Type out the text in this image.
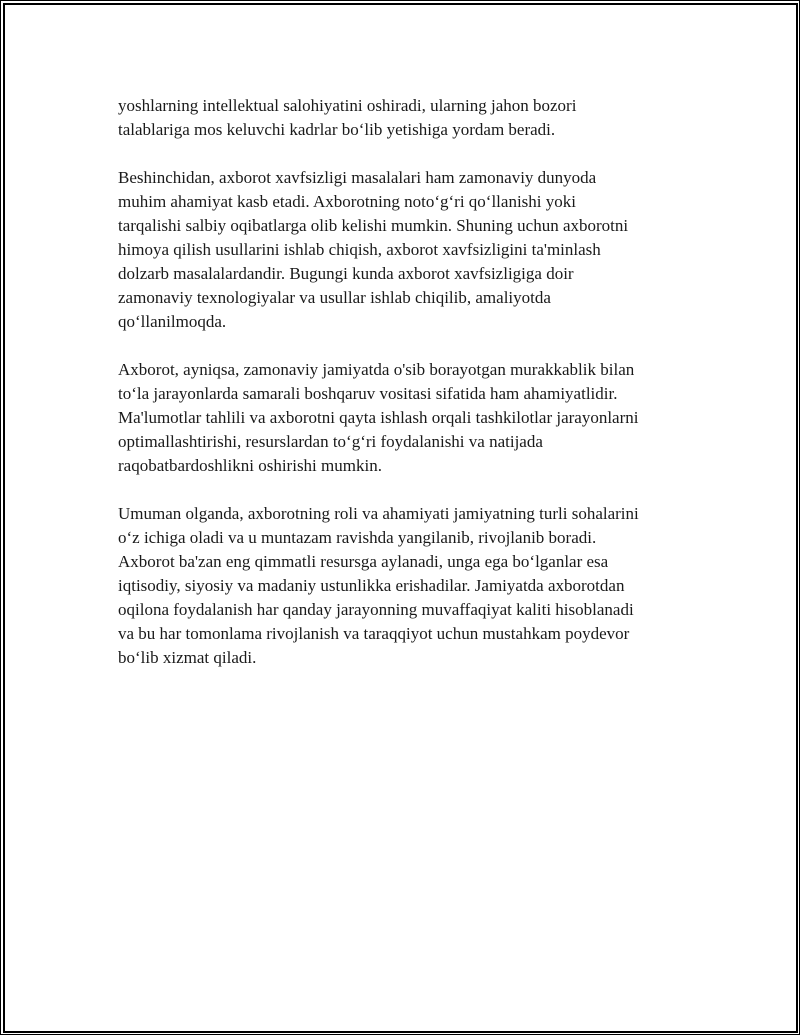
yoshlarning intellektual salohiyatini oshiradi, ularning jahon bozori
talablariga mos keluvchi kadrlar bo‘lib yetishiga yordam beradi.

Beshinchidan, axborot xavfsizligi masalalari ham zamonaviy dunyoda
muhim ahamiyat kasb etadi. Axborotning noto‘g‘ri qo‘llanishi yoki
tarqalishi salbiy oqibatlarga olib kelishi mumkin. Shuning uchun axborotni
himoya qilish usullarini ishlab chiqish, axborot xavfsizligini ta'minlash
dolzarb masalalardandir. Bugungi kunda axborot xavfsizligiga doir
zamonaviy texnologiyalar va usullar ishlab chiqilib, amaliyotda
qo‘llanilmoqda.

Axborot, ayniqsa, zamonaviy jamiyatda o'sib borayotgan murakkablik bilan
to‘la jarayonlarda samarali boshqaruv vositasi sifatida ham ahamiyatlidir.
Ma'lumotlar tahlili va axborotni qayta ishlash orqali tashkilotlar jarayonlarni
optimallashtirishi, resurslardan to‘g‘ri foydalanishi va natijada
raqobatbardoshlikni oshirishi mumkin.

Umuman olganda, axborotning roli va ahamiyati jamiyatning turli sohalarini
o‘z ichiga oladi va u muntazam ravishda yangilanib, rivojlanib boradi.
Axborot ba'zan eng qimmatli resursga aylanadi, unga ega bo‘lganlar esa
iqtisodiy, siyosiy va madaniy ustunlikka erishadilar. Jamiyatda axborotdan
oqilona foydalanish har qanday jarayonning muvaffaqiyat kaliti hisoblanadi
va bu har tomonlama rivojlanish va taraqqiyot uchun mustahkam poydevor
bo‘lib xizmat qiladi.
